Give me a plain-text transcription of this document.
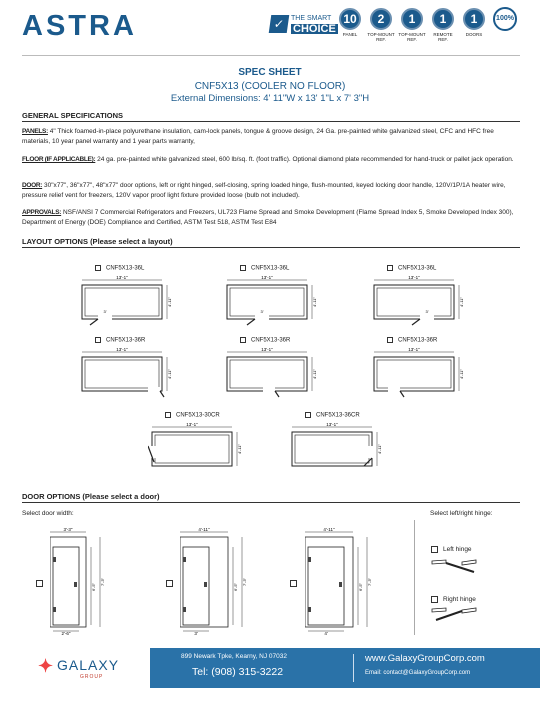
ASTRA	✓ THE SMART
CHOICE
10
PANEL
2
TOP-MOUNT REF.
1
TOP-MOUNT REF.
1
REMOTE REF.
1
DOORS
100%
SPEC SHEET
CNF5X13 (COOLER NO FLOOR)
External Dimensions: 4' 11"W x 13' 1"L x 7' 3"H
GENERAL SPECIFICATIONS
PANELS: 4" Thick foamed-in-place polyurethane insulation, cam-lock panels, tongue & groove design, 24 Ga. pre-painted white galvanized steel, CFC and HFC free materials, 10 year panel warranty and 1 year parts warranty,
FLOOR (IF APPLICABLE): 24 ga. pre-painted white galvanized steel, 600 lb/sq. ft. (foot traffic). Optional diamond plate recommended for hand-truck or pallet jack operation.
DOOR: 30"x77", 36"x77", 48"x77" door options, left or right hinged, self-closing, spring loaded hinge, flush-mounted, keyed locking door handle, 120V/1P/1A heater wire, pressure relief vent for freezers, 120V vapor proof light fixture provided loose (bulb not included).
APPROVALS: NSF/ANSI 7 Commercial Refrigerators and Freezers, UL723 Flame Spread and Smoke Development (Flame Spread Index 5, Smoke Developed Index 300), Department of Energy (DOE) Compliance and Certified, ASTM Test 518, ASTM Test E84
LAYOUT OPTIONS (Please select a layout)
CNF5X13-36L
13'-1"
4'-11"
3'
CNF5X13-36L
13'-1"
4'-11"
3'
CNF5X13-36L
13'-1"
4'-11"
3'
CNF5X13-36R
13'-1"
4'-11"
CNF5X13-36R
13'-1"
4'-11"
CNF5X13-36R
13'-1"
4'-11"
CNF5X13-30CR
13'-1"
4'-11"
CNF5X13-36CR
13'-1"
4'-11"
DOOR OPTIONS (Please select a door)
Select door width:	Select left/right hinge:
3'-3"
2'-6"
6'-5"
7'-3"
4'-11"
3'
6'-5"
7'-3"
4'-11"
4'
6'-5"
7'-3"
Left hinge
Right hinge
✦ GALAXY
GROUP
899 Newark Tpke, Kearny, NJ 07032
Tel: (908) 315-3222
www.GalaxyGroupCorp.com
Email: contact@GalaxyGroupCorp.com
